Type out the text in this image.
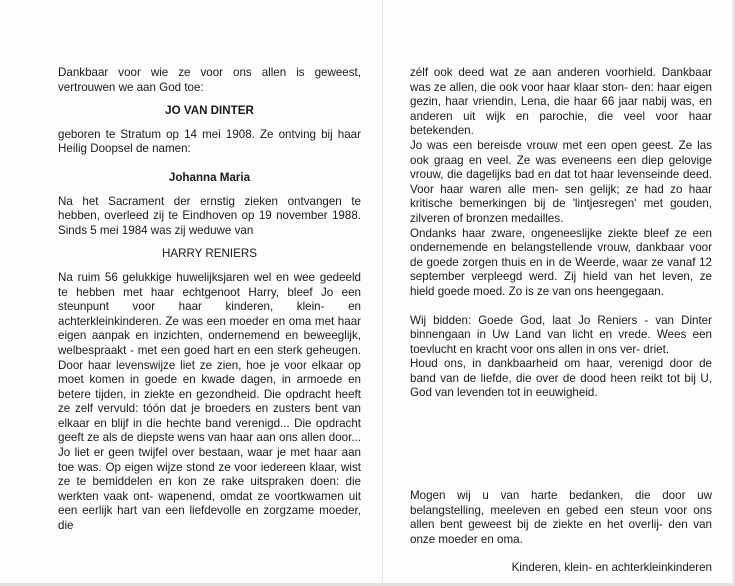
Dankbaar voor wie ze voor ons allen is geweest, vertrouwen we aan God toe:

JO VAN DINTER

geboren te Stratum op 14 mei 1908. Ze ontving bij haar Heilig Doopsel de namen:

Johanna Maria

Na het Sacrament der ernstig zieken ontvangen te hebben, overleed zij te Eindhoven op 19 november 1988. Sinds 5 mei 1984 was zij weduwe van

HARRY RENIERS

Na ruim 56 gelukkige huwelijksjaren wel en wee gedeeld te hebben met haar echtgenoot Harry, bleef Jo een steunpunt voor haar kinderen, klein- en achterkleinkinderen. Ze was een moeder en oma met haar eigen aanpak en inzichten, ondernemend en beweeglijk, welbespraakt - met een goed hart en een sterk geheugen. Door haar levenswijze liet ze zien, hoe je voor elkaar op moet komen in goede en kwade dagen, in armoede en betere tijden, in ziekte en gezondheid. Die opdracht heeft ze zelf vervuld: tóón dat je broeders en zusters bent van elkaar en blijf in die hechte band verenigd... Die opdracht geeft ze als de diepste wens van haar aan ons allen door... Jo liet er geen twijfel over bestaan, waar je met haar aan toe was. Op eigen wijze stond ze voor iedereen klaar, wist ze te bemiddelen en kon ze rake uitspraken doen: die werkten vaak ont- wapenend, omdat ze voortkwamen uit een eerlijk hart van een liefdevolle en zorgzame moeder, die

zélf ook deed wat ze aan anderen voorhield. Dankbaar was ze allen, die ook voor haar klaar ston- den: haar eigen gezin, haar vriendin, Lena, die haar 66 jaar nabij was, en anderen uit wijk en parochie, die veel voor haar betekenden.

Jo was een bereisde vrouw met een open geest. Ze las ook graag en veel. Ze was eveneens een diep gelovige vrouw, die dagelijks bad en dat tot haar levenseinde deed. Voor haar waren alle men- sen gelijk; ze had zo haar kritische bemerkingen bij de 'lintjesregen' met gouden, zilveren of bronzen medailles.

Ondanks haar zware, ongeneeslijke ziekte bleef ze een ondernemende en belangstellende vrouw, dankbaar voor de goede zorgen thuis en in de Weerde, waar ze vanaf 12 september verpleegd werd. Zij hield van het leven, ze hield goede moed. Zo is ze van ons heengegaan.

Wij bidden: Goede God, laat Jo Reniers - van Dinter binnengaan in Uw Land van licht en vrede. Wees een toevlucht en kracht voor ons allen in ons ver- driet.

Houd ons, in dankbaarheid om haar, verenigd door de band van de liefde, die over de dood heen reikt tot bij U, God van levenden tot in eeuwigheid.

Mogen wij u van harte bedanken, die door uw belangstelling, meeleven en gebed een steun voor ons allen bent geweest bij de ziekte en het overlij- den van onze moeder en oma.

Kinderen, klein- en achterkleinkinderen
